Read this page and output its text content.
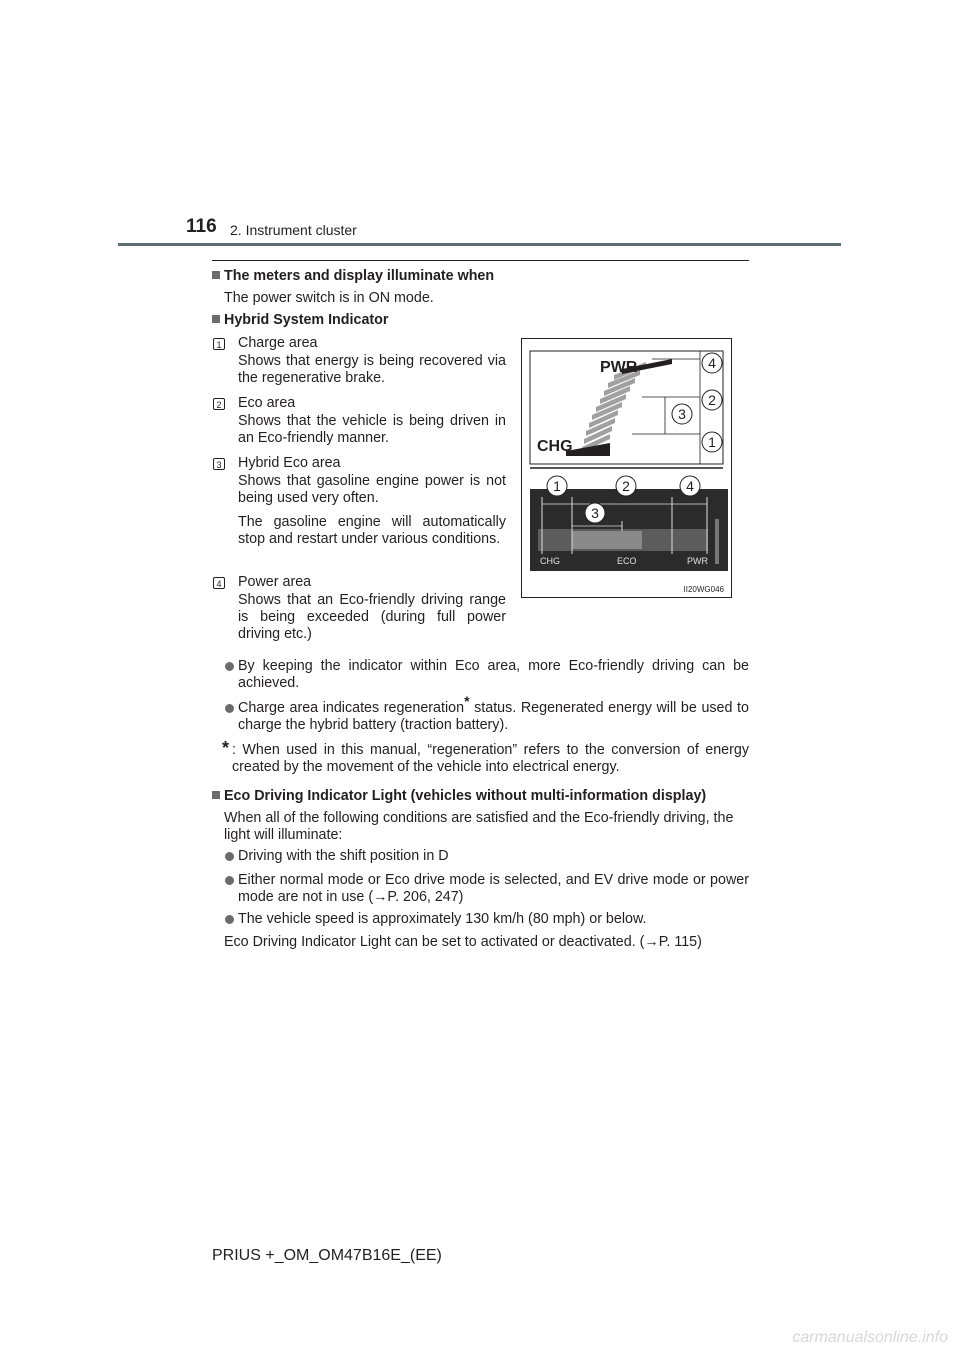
116 2. Instrument cluster
The meters and display illuminate when
The power switch is in ON mode.
Hybrid System Indicator
1 Charge area
Shows that energy is being recovered via the regenerative brake.
2 Eco area
Shows that the vehicle is being driven in an Eco-friendly manner.
3 Hybrid Eco area
Shows that gasoline engine power is not being used very often.
The gasoline engine will automatically stop and restart under various conditions.
4 Power area
Shows that an Eco-friendly driving range is being exceeded (during full power driving etc.)
PWR
CHG
4
2
3
1
1	2	4
3
CHG	ECO	PWR
II20WG046
By keeping the indicator within Eco area, more Eco-friendly driving can be achieved.
Charge area indicates regeneration* status. Regenerated energy will be used to charge the hybrid battery (traction battery).
* : When used in this manual, “regeneration” refers to the conversion of energy created by the movement of the vehicle into electrical energy.
Eco Driving Indicator Light (vehicles without multi-information display)
When all of the following conditions are satisfied and the Eco-friendly driving, the light will illuminate:
Driving with the shift position in D
Either normal mode or Eco drive mode is selected, and EV drive mode or power mode are not in use (→P. 206, 247)
The vehicle speed is approximately 130 km/h (80 mph) or below.
Eco Driving Indicator Light can be set to activated or deactivated. (→P. 115)
PRIUS +_OM_OM47B16E_(EE)
carmanualsonline.info
